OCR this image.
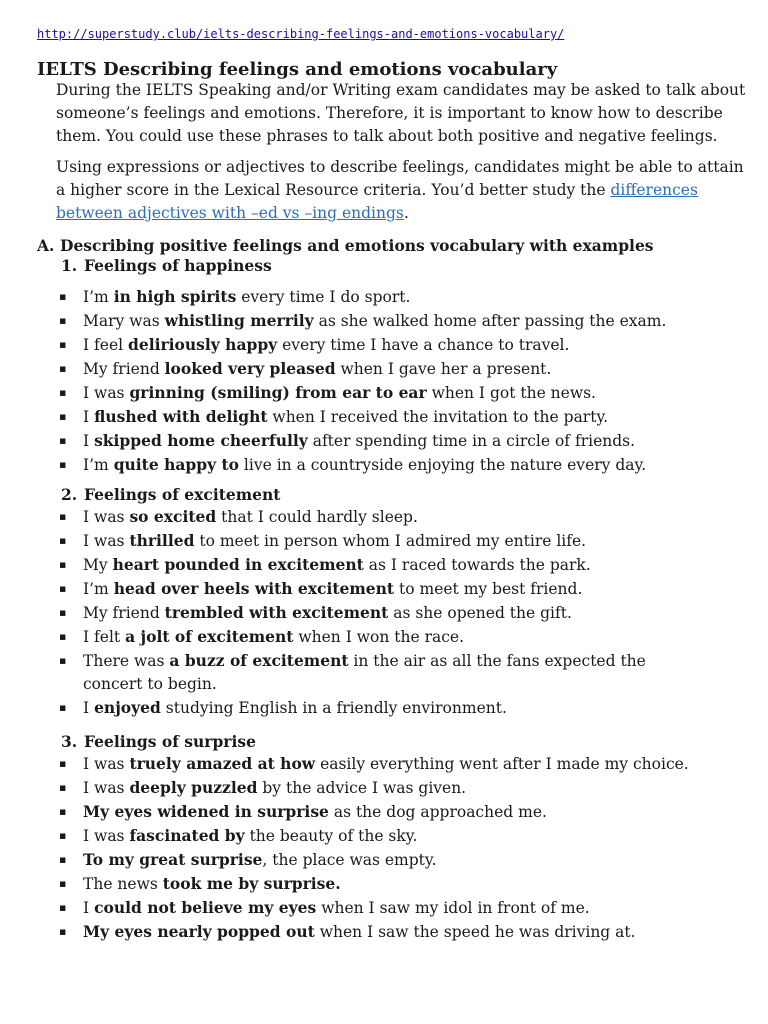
http://superstudy.club/ielts-describing-feelings-and-emotions-vocabulary/
IELTS Describing feelings and emotions vocabulary

During the IELTS Speaking and/or Writing exam candidates may be asked to talk about someone’s feelings and emotions. Therefore, it is important to know how to describe them. You could use these phrases to talk about both positive and negative feelings.

Using expressions or adjectives to describe feelings, candidates might be able to attain a higher score in the Lexical Resource criteria. You’d better study the differences between adjectives with –ed vs –ing endings.

A. Describing positive feelings and emotions vocabulary with examples
1. Feelings of happiness
▪ I’m in high spirits every time I do sport.
▪ Mary was whistling merrily as she walked home after passing the exam.
▪ I feel deliriously happy every time I have a chance to travel.
▪ My friend looked very pleased when I gave her a present.
▪ I was grinning (smiling) from ear to ear when I got the news.
▪ I flushed with delight when I received the invitation to the party.
▪ I skipped home cheerfully after spending time in a circle of friends.
▪ I’m quite happy to live in a countryside enjoying the nature every day.
2. Feelings of excitement
▪ I was so excited that I could hardly sleep.
▪ I was thrilled to meet in person whom I admired my entire life.
▪ My heart pounded in excitement as I raced towards the park.
▪ I’m head over heels with excitement to meet my best friend.
▪ My friend trembled with excitement as she opened the gift.
▪ I felt a jolt of excitement when I won the race.
▪ There was a buzz of excitement in the air as all the fans expected the concert to begin.
▪ I enjoyed studying English in a friendly environment.
3. Feelings of surprise
▪ I was truely amazed at how easily everything went after I made my choice.
▪ I was deeply puzzled by the advice I was given.
▪ My eyes widened in surprise as the dog approached me.
▪ I was fascinated by the beauty of the sky.
▪ To my great surprise, the place was empty.
▪ The news took me by surprise.
▪ I could not believe my eyes when I saw my idol in front of me.
▪ My eyes nearly popped out when I saw the speed he was driving at.
